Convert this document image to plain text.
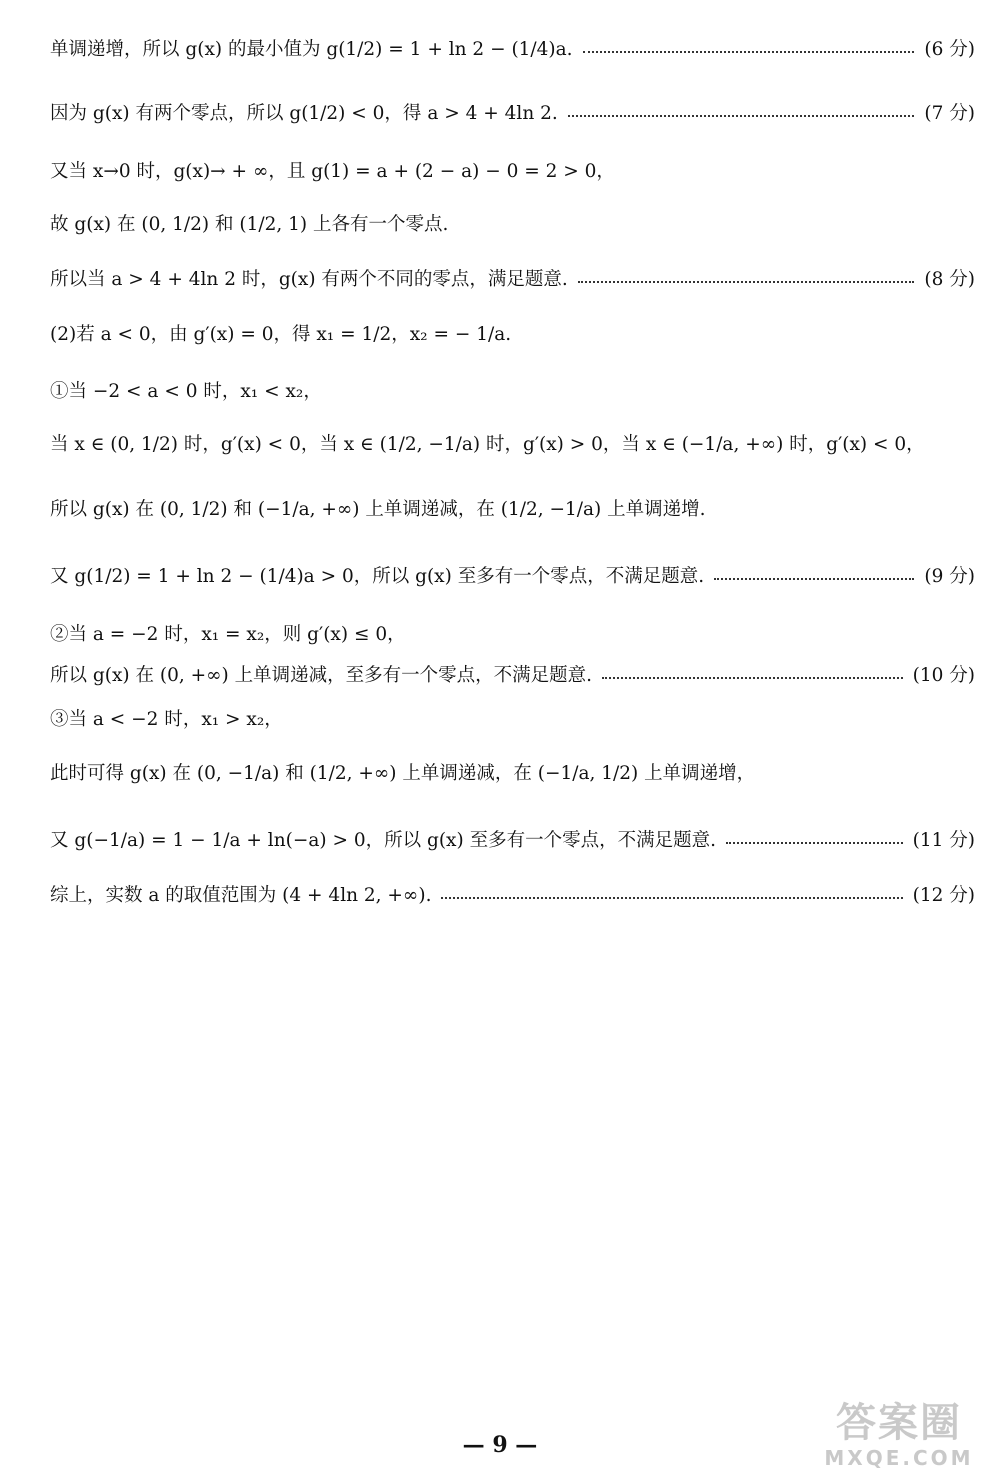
单调递增，所以 g(x) 的最小值为 g(1/2) = 1 + ln 2 − (1/4)a.	(6 分)
因为 g(x) 有两个零点，所以 g(1/2) < 0，得 a > 4 + 4ln 2.	(7 分)
又当 x→0 时，g(x)→ + ∞，且 g(1) = a + (2 − a) − 0 = 2 > 0，
故 g(x) 在 (0, 1/2) 和 (1/2, 1) 上各有一个零点.
所以当 a > 4 + 4ln 2 时，g(x) 有两个不同的零点，满足题意.	(8 分)
(2)若 a < 0，由 g′(x) = 0，得 x₁ = 1/2，x₂ = − 1/a.
①当 −2 < a < 0 时，x₁ < x₂，
当 x ∈ (0, 1/2) 时，g′(x) < 0，当 x ∈ (1/2, −1/a) 时，g′(x) > 0，当 x ∈ (−1/a, +∞) 时，g′(x) < 0，
所以 g(x) 在 (0, 1/2) 和 (−1/a, +∞) 上单调递减，在 (1/2, −1/a) 上单调递增.
又 g(1/2) = 1 + ln 2 − (1/4)a > 0，所以 g(x) 至多有一个零点，不满足题意.	(9 分)
②当 a = −2 时，x₁ = x₂，则 g′(x) ≤ 0，
所以 g(x) 在 (0, +∞) 上单调递减，至多有一个零点，不满足题意.	(10 分)
③当 a < −2 时，x₁ > x₂，
此时可得 g(x) 在 (0, −1/a) 和 (1/2, +∞) 上单调递减，在 (−1/a, 1/2) 上单调递增，
又 g(−1/a) = 1 − 1/a + ln(−a) > 0，所以 g(x) 至多有一个零点，不满足题意.	(11 分)
综上，实数 a 的取值范围为 (4 + 4ln 2, +∞).	(12 分)
— 9 —	答案圈
MXQE.COM
